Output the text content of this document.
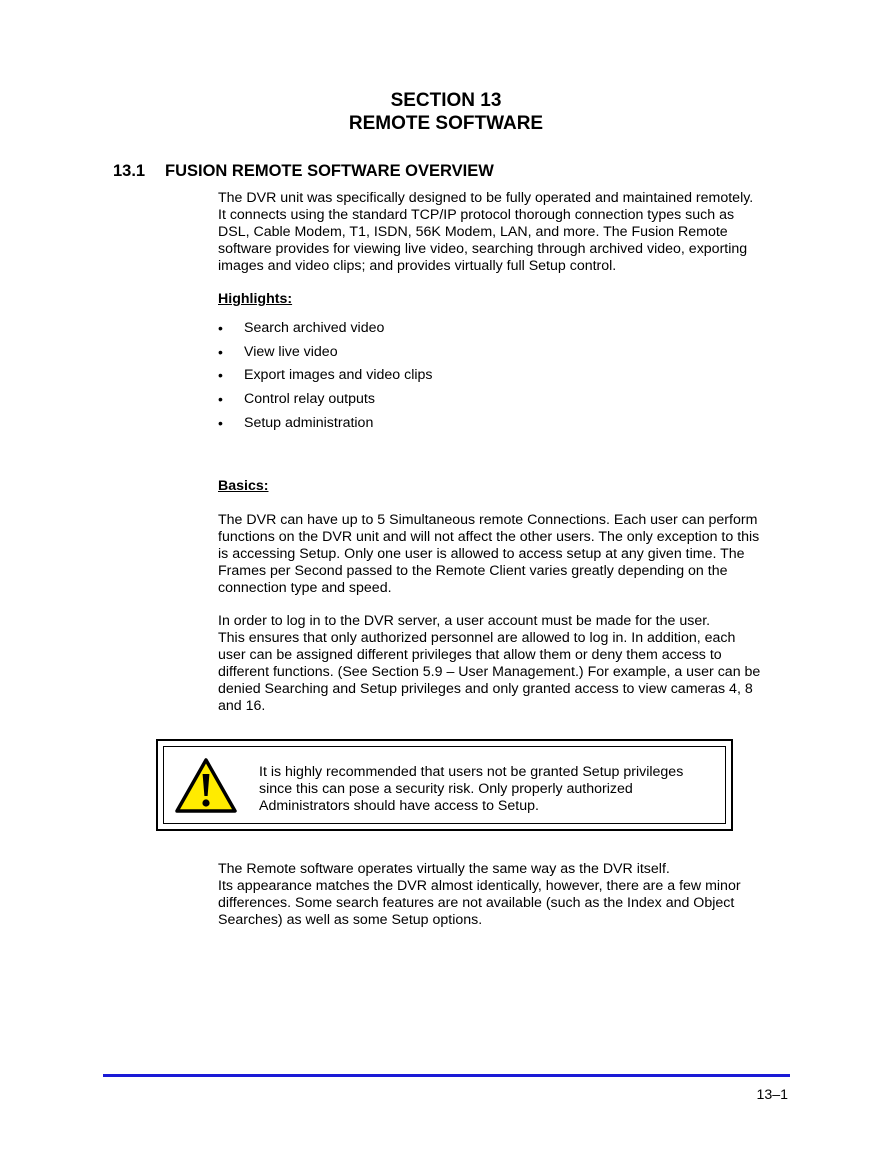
SECTION 13
REMOTE SOFTWARE
13.1 FUSION REMOTE SOFTWARE OVERVIEW
The DVR unit was specifically designed to be fully operated and maintained remotely.
It connects using the standard TCP/IP protocol thorough connection types such as
DSL, Cable Modem, T1, ISDN, 56K Modem, LAN, and more. The Fusion Remote
software provides for viewing live video, searching through archived video, exporting
images and video clips; and provides virtually full Setup control.
Highlights:
•	Search archived video
•	View live video
•	Export images and video clips
•	Control relay outputs
•	Setup administration
Basics:
The DVR can have up to 5 Simultaneous remote Connections. Each user can perform
functions on the DVR unit and will not affect the other users. The only exception to this
is accessing Setup. Only one user is allowed to access setup at any given time. The
Frames per Second passed to the Remote Client varies greatly depending on the
connection type and speed.
In order to log in to the DVR server, a user account must be made for the user.
This ensures that only authorized personnel are allowed to log in. In addition, each
user can be assigned different privileges that allow them or deny them access to
different functions. (See Section 5.9 – User Management.) For example, a user can be
denied Searching and Setup privileges and only granted access to view cameras 4, 8
and 16.
It is highly recommended that users not be granted Setup privileges
since this can pose a security risk. Only properly authorized
Administrators should have access to Setup.
The Remote software operates virtually the same way as the DVR itself.
Its appearance matches the DVR almost identically, however, there are a few minor
differences. Some search features are not available (such as the Index and Object
Searches) as well as some Setup options.
13–1
